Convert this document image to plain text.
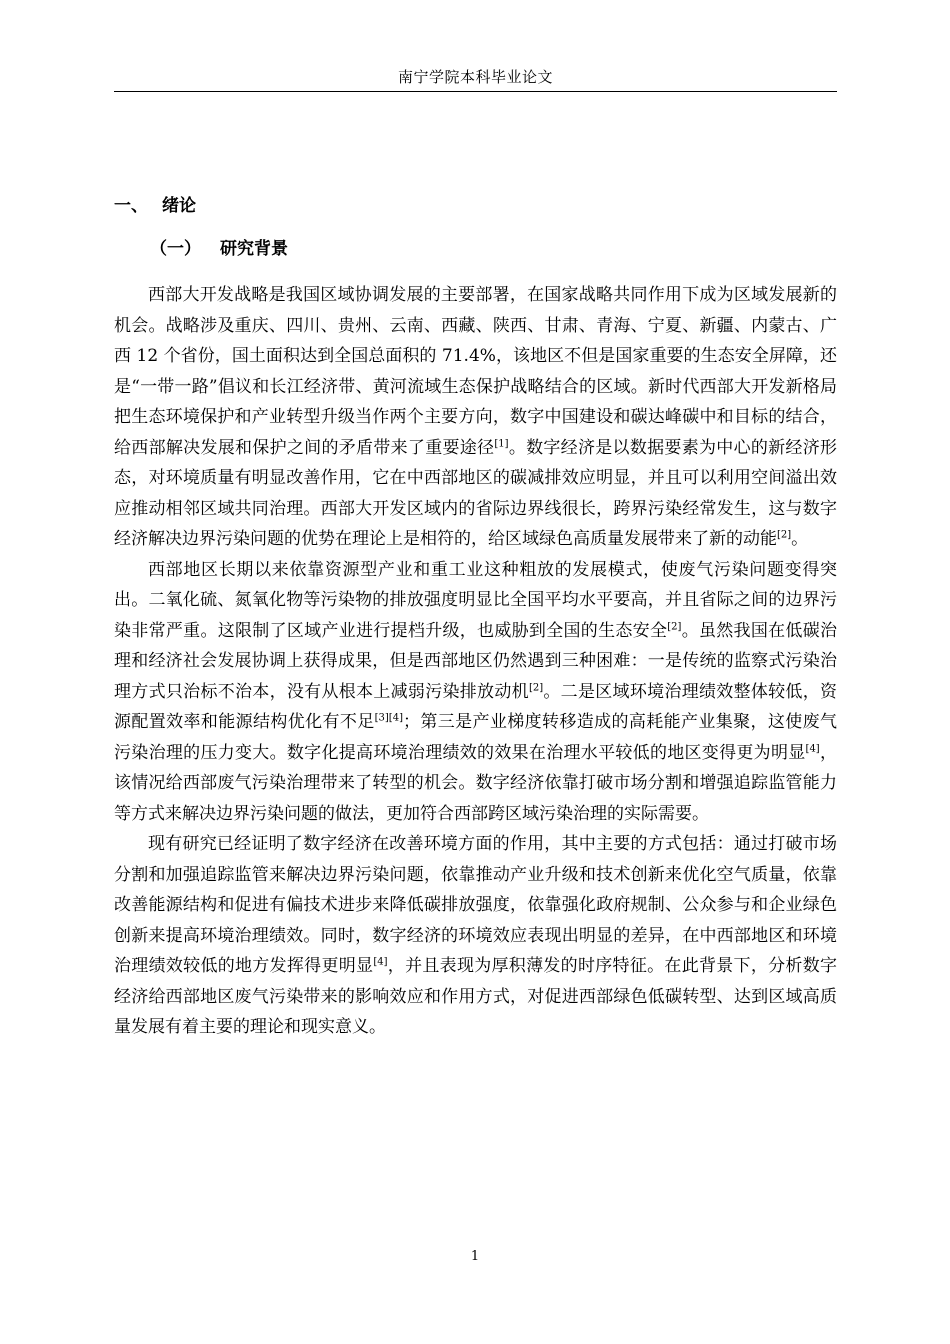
南宁学院本科毕业论文
一、 绪论
（一） 研究背景

西部大开发战略是我国区域协调发展的主要部署，在国家战略共同作用下成为区域发展新的机会。战略涉及重庆、四川、贵州、云南、西藏、陕西、甘肃、青海、宁夏、新疆、内蒙古、广西 12 个省份，国土面积达到全国总面积的 71.4%，该地区不但是国家重要的生态安全屏障，还是“一带一路”倡议和长江经济带、黄河流域生态保护战略结合的区域。新时代西部大开发新格局把生态环境保护和产业转型升级当作两个主要方向，数字中国建设和碳达峰碳中和目标的结合，给西部解决发展和保护之间的矛盾带来了重要途径[1]。数字经济是以数据要素为中心的新经济形态，对环境质量有明显改善作用，它在中西部地区的碳减排效应明显，并且可以利用空间溢出效应推动相邻区域共同治理。西部大开发区域内的省际边界线很长，跨界污染经常发生，这与数字经济解决边界污染问题的优势在理论上是相符的，给区域绿色高质量发展带来了新的动能[2]。

西部地区长期以来依靠资源型产业和重工业这种粗放的发展模式，使废气污染问题变得突出。二氧化硫、氮氧化物等污染物的排放强度明显比全国平均水平要高，并且省际之间的边界污染非常严重。这限制了区域产业进行提档升级，也威胁到全国的生态安全[2]。虽然我国在低碳治理和经济社会发展协调上获得成果，但是西部地区仍然遇到三种困难：一是传统的监察式污染治理方式只治标不治本，没有从根本上减弱污染排放动机[2]。二是区域环境治理绩效整体较低，资源配置效率和能源结构优化有不足[3][4]；第三是产业梯度转移造成的高耗能产业集聚，这使废气污染治理的压力变大。数字化提高环境治理绩效的效果在治理水平较低的地区变得更为明显[4]，该情况给西部废气污染治理带来了转型的机会。数字经济依靠打破市场分割和增强追踪监管能力等方式来解决边界污染问题的做法，更加符合西部跨区域污染治理的实际需要。

现有研究已经证明了数字经济在改善环境方面的作用，其中主要的方式包括：通过打破市场分割和加强追踪监管来解决边界污染问题，依靠推动产业升级和技术创新来优化空气质量，依靠改善能源结构和促进有偏技术进步来降低碳排放强度，依靠强化政府规制、公众参与和企业绿色创新来提高环境治理绩效。同时，数字经济的环境效应表现出明显的差异，在中西部地区和环境治理绩效较低的地方发挥得更明显[4]，并且表现为厚积薄发的时序特征。在此背景下，分析数字经济给西部地区废气污染带来的影响效应和作用方式，对促进西部绿色低碳转型、达到区域高质量发展有着主要的理论和现实意义。

1
